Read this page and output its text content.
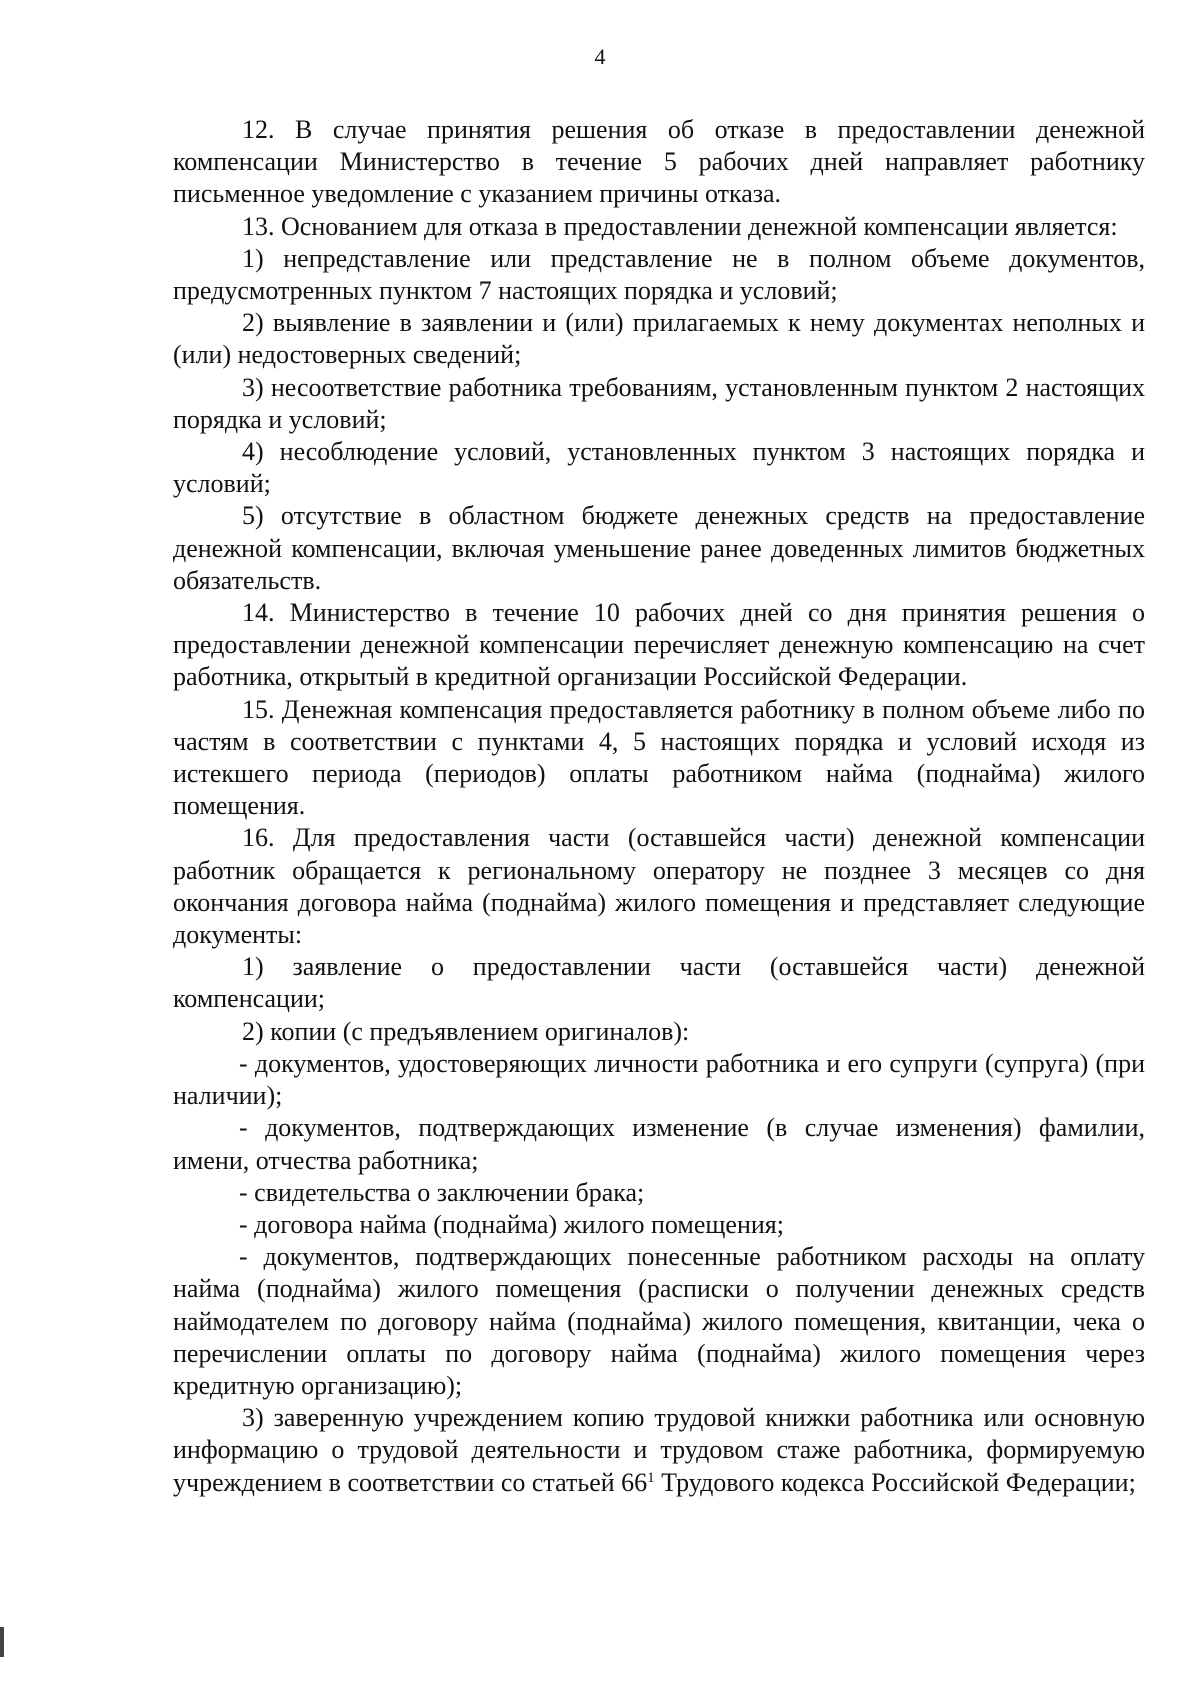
4

12. В случае принятия решения об отказе в предоставлении денежной компенсации Министерство в течение 5 рабочих дней направляет работнику письменное уведомление с указанием причины отказа.

13. Основанием для отказа в предоставлении денежной компенсации является:

1) непредставление или представление не в полном объеме документов, предусмотренных пунктом 7 настоящих порядка и условий;

2) выявление в заявлении и (или) прилагаемых к нему документах неполных и (или) недостоверных сведений;

3) несоответствие работника требованиям, установленным пунктом 2 настоящих порядка и условий;

4) несоблюдение условий, установленных пунктом 3 настоящих порядка и условий;

5) отсутствие в областном бюджете денежных средств на предоставление денежной компенсации, включая уменьшение ранее доведенных лимитов бюджетных обязательств.

14. Министерство в течение 10 рабочих дней со дня принятия решения о предоставлении денежной компенсации перечисляет денежную компенсацию на счет работника, открытый в кредитной организации Российской Федерации.

15. Денежная компенсация предоставляется работнику в полном объеме либо по частям в соответствии с пунктами 4, 5 настоящих порядка и условий исходя из истекшего периода (периодов) оплаты работником найма (поднайма) жилого помещения.

16. Для предоставления части (оставшейся части) денежной компенсации работник обращается к региональному оператору не позднее 3 месяцев со дня окончания договора найма (поднайма) жилого помещения и представляет следующие документы:

1) заявление о предоставлении части (оставшейся части) денежной компенсации;

2) копии (с предъявлением оригиналов):

- документов, удостоверяющих личности работника и его супруги (супруга) (при наличии);

- документов, подтверждающих изменение (в случае изменения) фамилии, имени, отчества работника;

- свидетельства о заключении брака;

- договора найма (поднайма) жилого помещения;

- документов, подтверждающих понесенные работником расходы на оплату найма (поднайма) жилого помещения (расписки о получении денежных средств наймодателем по договору найма (поднайма) жилого помещения, квитанции, чека о перечислении оплаты по договору найма (поднайма) жилого помещения через кредитную организацию);

3) заверенную учреждением копию трудовой книжки работника или основную информацию о трудовой деятельности и трудовом стаже работника, формируемую учреждением в соответствии со статьей $66^1$ Трудового кодекса Российской Федерации;
